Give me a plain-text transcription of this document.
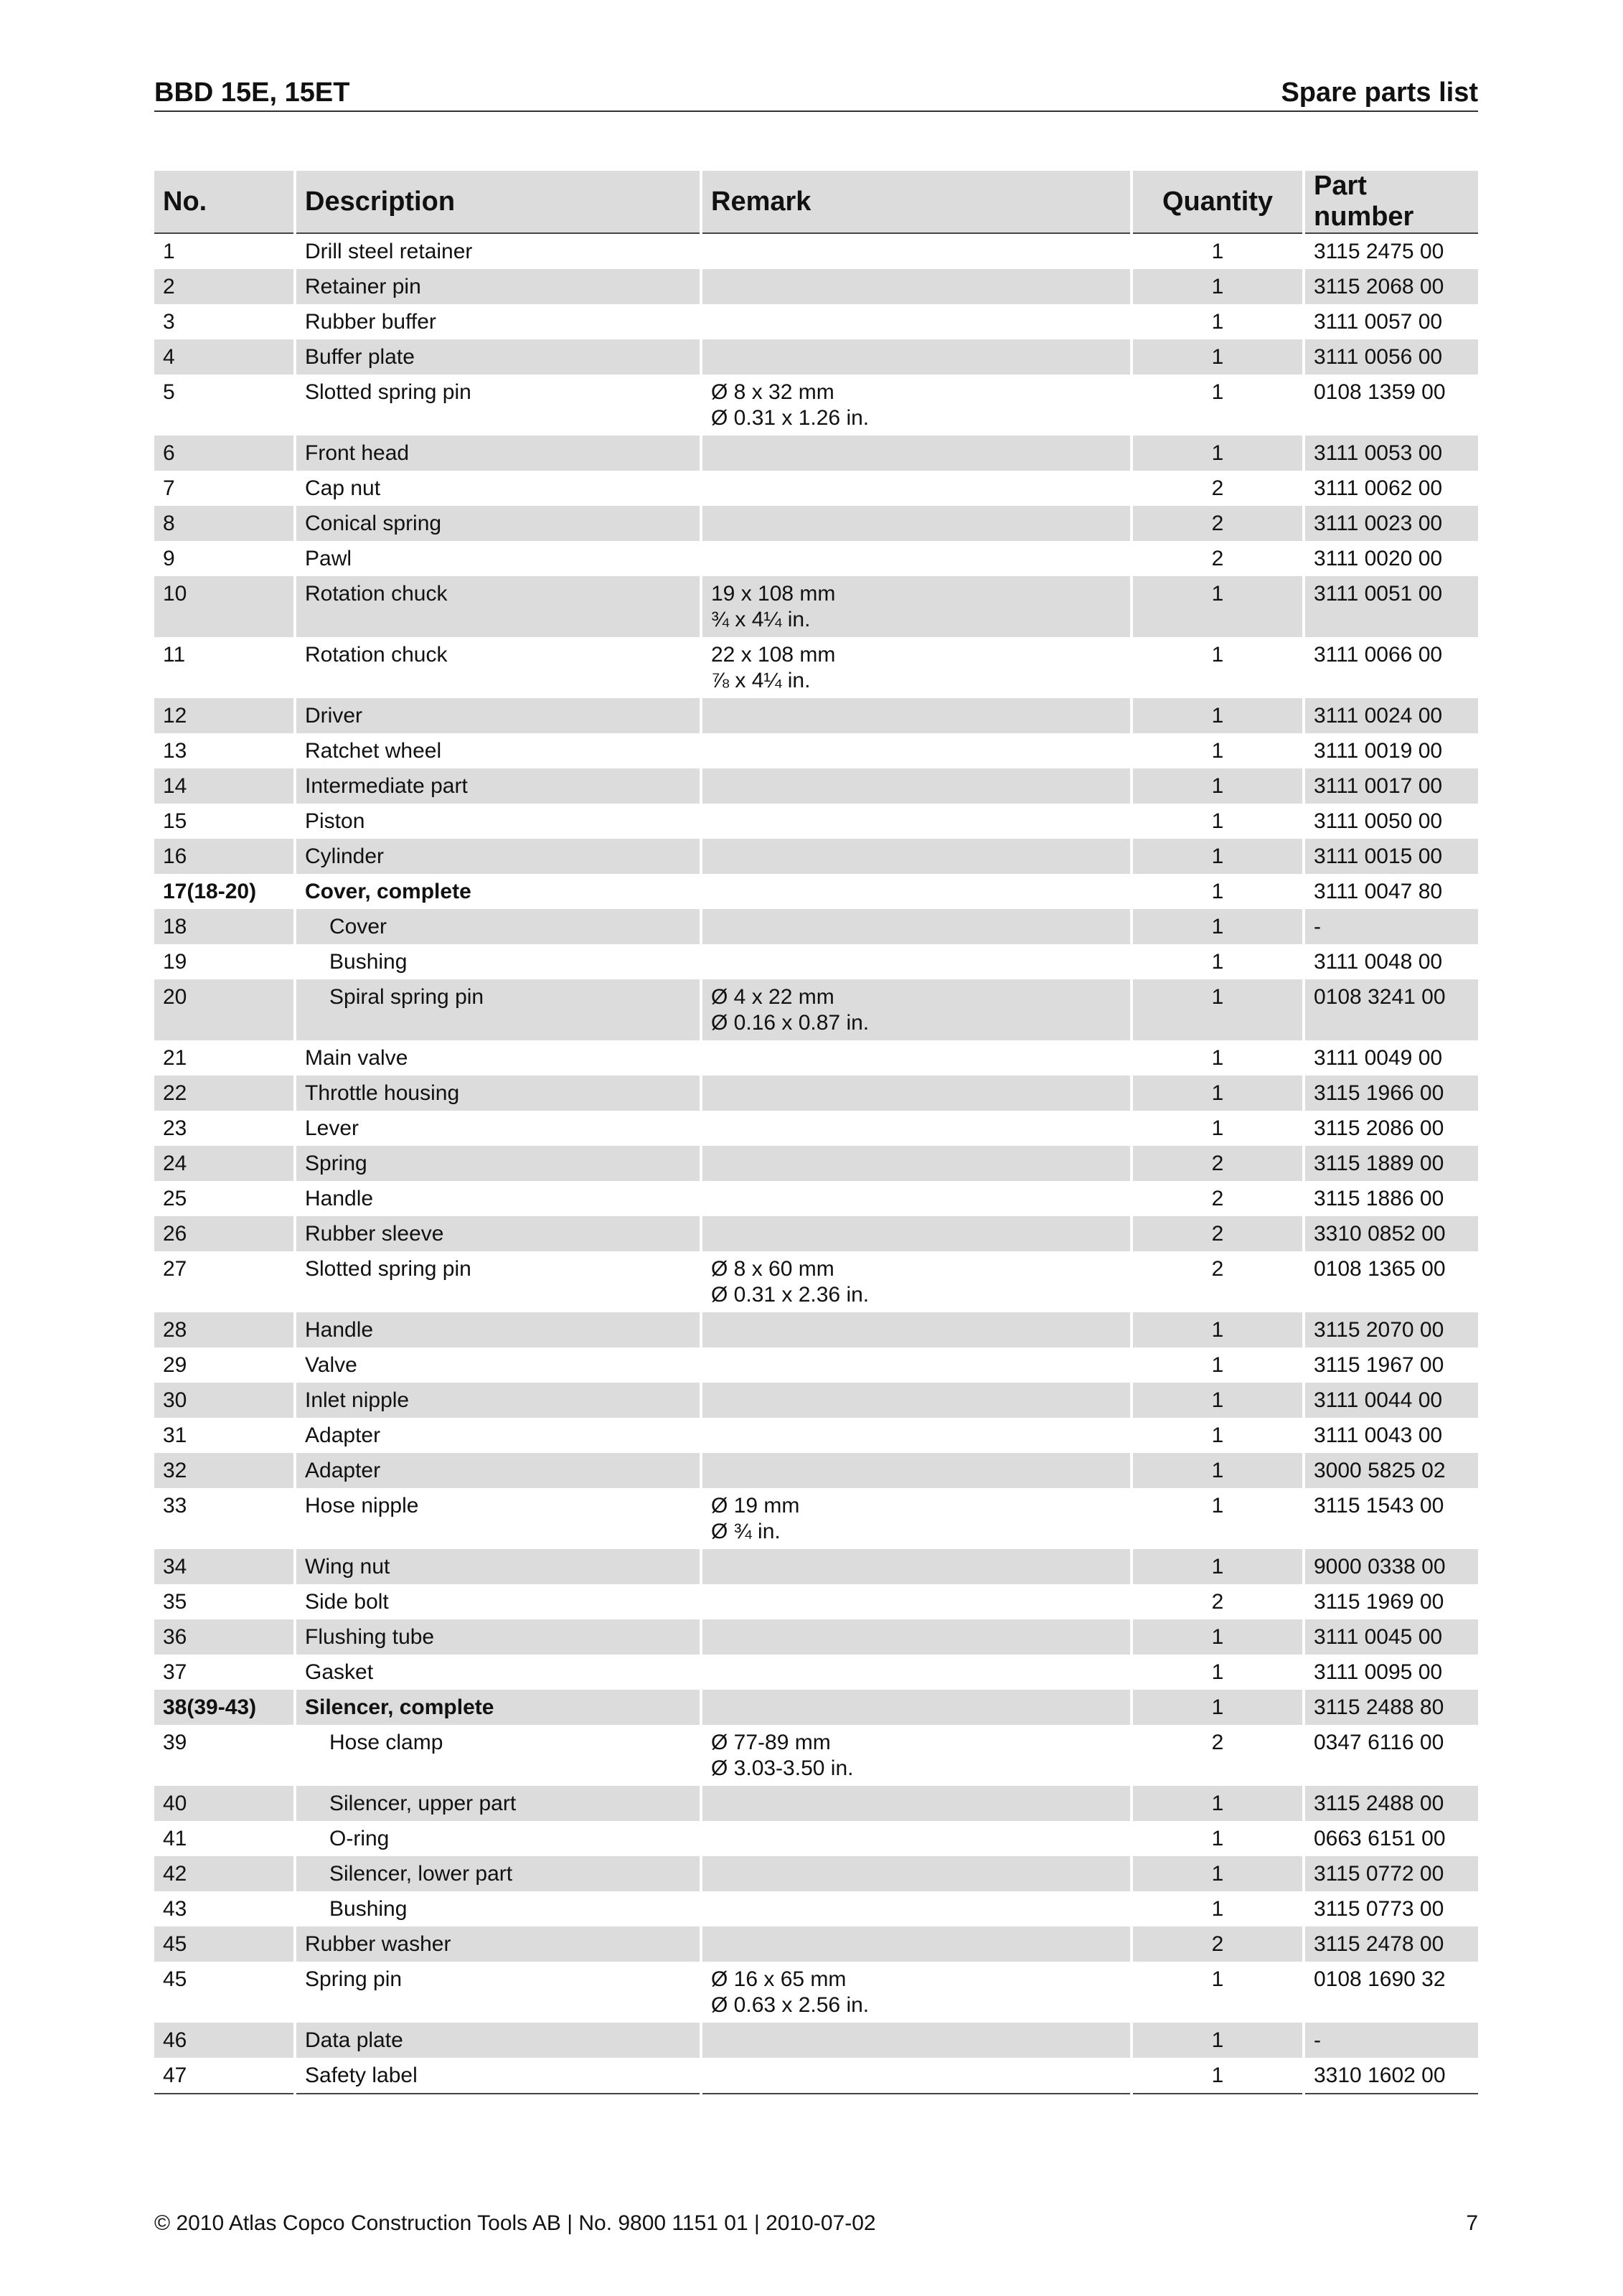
BBD 15E, 15ET	Spare parts list
No.	Description	Remark	Quantity	Part number
1	Drill steel retainer		1	3115 2475 00
2	Retainer pin		1	3115 2068 00
3	Rubber buffer		1	3111 0057 00
4	Buffer plate		1	3111 0056 00
5	Slotted spring pin	Ø 8 x 32 mm
Ø 0.31 x 1.26 in.	1	0108 1359 00
6	Front head		1	3111 0053 00
7	Cap nut		2	3111 0062 00
8	Conical spring		2	3111 0023 00
9	Pawl		2	3111 0020 00
10	Rotation chuck	19 x 108 mm
¾ x 4¼ in.	1	3111 0051 00
11	Rotation chuck	22 x 108 mm
⅞ x 4¼ in.	1	3111 0066 00
12	Driver		1	3111 0024 00
13	Ratchet wheel		1	3111 0019 00
14	Intermediate part		1	3111 0017 00
15	Piston		1	3111 0050 00
16	Cylinder		1	3111 0015 00
17(18-20)	Cover, complete		1	3111 0047 80
18	Cover		1	-
19	Bushing		1	3111 0048 00
20	Spiral spring pin	Ø 4 x 22 mm
Ø 0.16 x 0.87 in.	1	0108 3241 00
21	Main valve		1	3111 0049 00
22	Throttle housing		1	3115 1966 00
23	Lever		1	3115 2086 00
24	Spring		2	3115 1889 00
25	Handle		2	3115 1886 00
26	Rubber sleeve		2	3310 0852 00
27	Slotted spring pin	Ø 8 x 60 mm
Ø 0.31 x 2.36 in.	2	0108 1365 00
28	Handle		1	3115 2070 00
29	Valve		1	3115 1967 00
30	Inlet nipple		1	3111 0044 00
31	Adapter		1	3111 0043 00
32	Adapter		1	3000 5825 02
33	Hose nipple	Ø 19 mm
Ø ¾ in.	1	3115 1543 00
34	Wing nut		1	9000 0338 00
35	Side bolt		2	3115 1969 00
36	Flushing tube		1	3111 0045 00
37	Gasket		1	3111 0095 00
38(39-43)	Silencer, complete		1	3115 2488 80
39	Hose clamp	Ø 77-89 mm
Ø 3.03-3.50 in.	2	0347 6116 00
40	Silencer, upper part		1	3115 2488 00
41	O-ring		1	0663 6151 00
42	Silencer, lower part		1	3115 0772 00
43	Bushing		1	3115 0773 00
45	Rubber washer		2	3115 2478 00
45	Spring pin	Ø 16 x 65 mm
Ø 0.63 x 2.56 in.	1	0108 1690 32
46	Data plate		1	-
47	Safety label		1	3310 1602 00
© 2010 Atlas Copco Construction Tools AB | No. 9800 1151 01 | 2010-07-02	7
